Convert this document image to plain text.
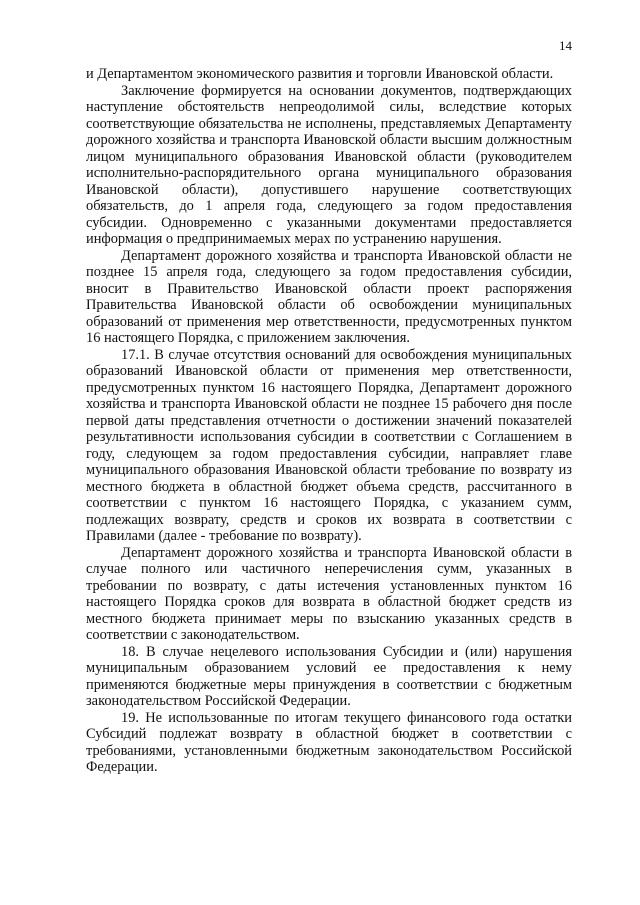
14

и Департаментом экономического развития и торговли Ивановской области.

Заключение формируется на основании документов, подтверждающих наступление обстоятельств непреодолимой силы, вследствие которых соответствующие обязательства не исполнены, представляемых Департаменту дорожного хозяйства и транспорта Ивановской области высшим должностным лицом муниципального образования Ивановской области (руководителем исполнительно-распорядительного органа муниципального образования Ивановской области), допустившего нарушение соответствующих обязательств, до 1 апреля года, следующего за годом предоставления субсидии. Одновременно с указанными документами предоставляется информация о предпринимаемых мерах по устранению нарушения.

Департамент дорожного хозяйства и транспорта Ивановской области не позднее 15 апреля года, следующего за годом предоставления субсидии, вносит в Правительство Ивановской области проект распоряжения Правительства Ивановской области об освобождении муниципальных образований от применения мер ответственности, предусмотренных пунктом 16 настоящего Порядка, с приложением заключения.

17.1. В случае отсутствия оснований для освобождения муниципальных образований Ивановской области от применения мер ответственности, предусмотренных пунктом 16 настоящего Порядка, Департамент дорожного хозяйства и транспорта Ивановской области не позднее 15 рабочего дня после первой даты представления отчетности о достижении значений показателей результативности использования субсидии в соответствии с Соглашением в году, следующем за годом предоставления субсидии, направляет главе муниципального образования Ивановской области требование по возврату из местного бюджета в областной бюджет объема средств, рассчитанного в соответствии с пунктом 16 настоящего Порядка, с указанием сумм, подлежащих возврату, средств и сроков их возврата в соответствии с Правилами (далее - требование по возврату).

Департамент дорожного хозяйства и транспорта Ивановской области в случае полного или частичного неперечисления сумм, указанных в требовании по возврату, с даты истечения установленных пунктом 16 настоящего Порядка сроков для возврата в областной бюджет средств из местного бюджета принимает меры по взысканию указанных средств в соответствии с законодательством.

18. В случае нецелевого использования Субсидии и (или) нарушения муниципальным образованием условий ее предоставления к нему применяются бюджетные меры принуждения в соответствии с бюджетным законодательством Российской Федерации.

19. Не использованные по итогам текущего финансового года остатки Субсидий подлежат возврату в областной бюджет в соответствии с требованиями, установленными бюджетным законодательством Российской Федерации.
